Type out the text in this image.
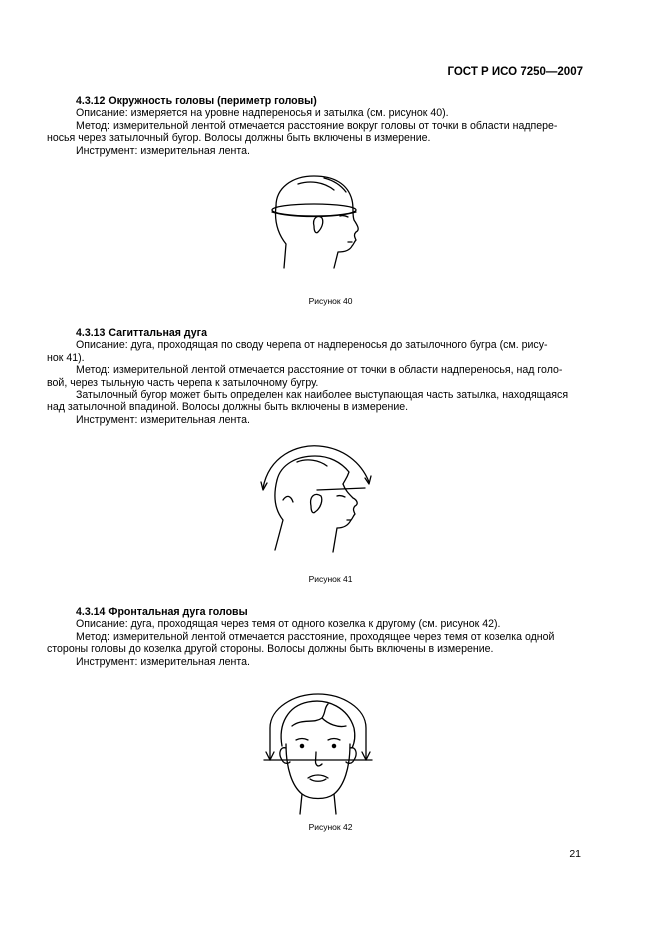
ГОСТ Р ИСО 7250—2007

4.3.12 Окружность головы (периметр головы)

Описание: измеряется на уровне надпереносья и затылка (см. рисунок 40).

Метод: измерительной лентой отмечается расстояние вокруг головы от точки в области надпере-

носья через затылочный бугор. Волосы должны быть включены в измерение.

Инструмент: измерительная лента.

Рисунок 40

4.3.13 Сагиттальная дуга

Описание: дуга, проходящая по своду черепа от надпереносья до затылочного бугра (см. рису-

нок 41).

Метод: измерительной лентой отмечается расстояние от точки в области надпереносья, над голо-

вой, через тыльную часть черепа к затылочному бугру.

Затылочный бугор может быть определен как наиболее выступающая часть затылка, находящаяся

над затылочной впадиной. Волосы должны быть включены в измерение.

Инструмент: измерительная лента.

Рисунок 41

4.3.14 Фронтальная дуга головы

Описание: дуга, проходящая через темя от одного козелка к другому (см. рисунок 42).

Метод: измерительной лентой отмечается расстояние, проходящее через темя от козелка одной

стороны головы до козелка другой стороны. Волосы должны быть включены в измерение.

Инструмент: измерительная лента.

Рисунок 42
21
